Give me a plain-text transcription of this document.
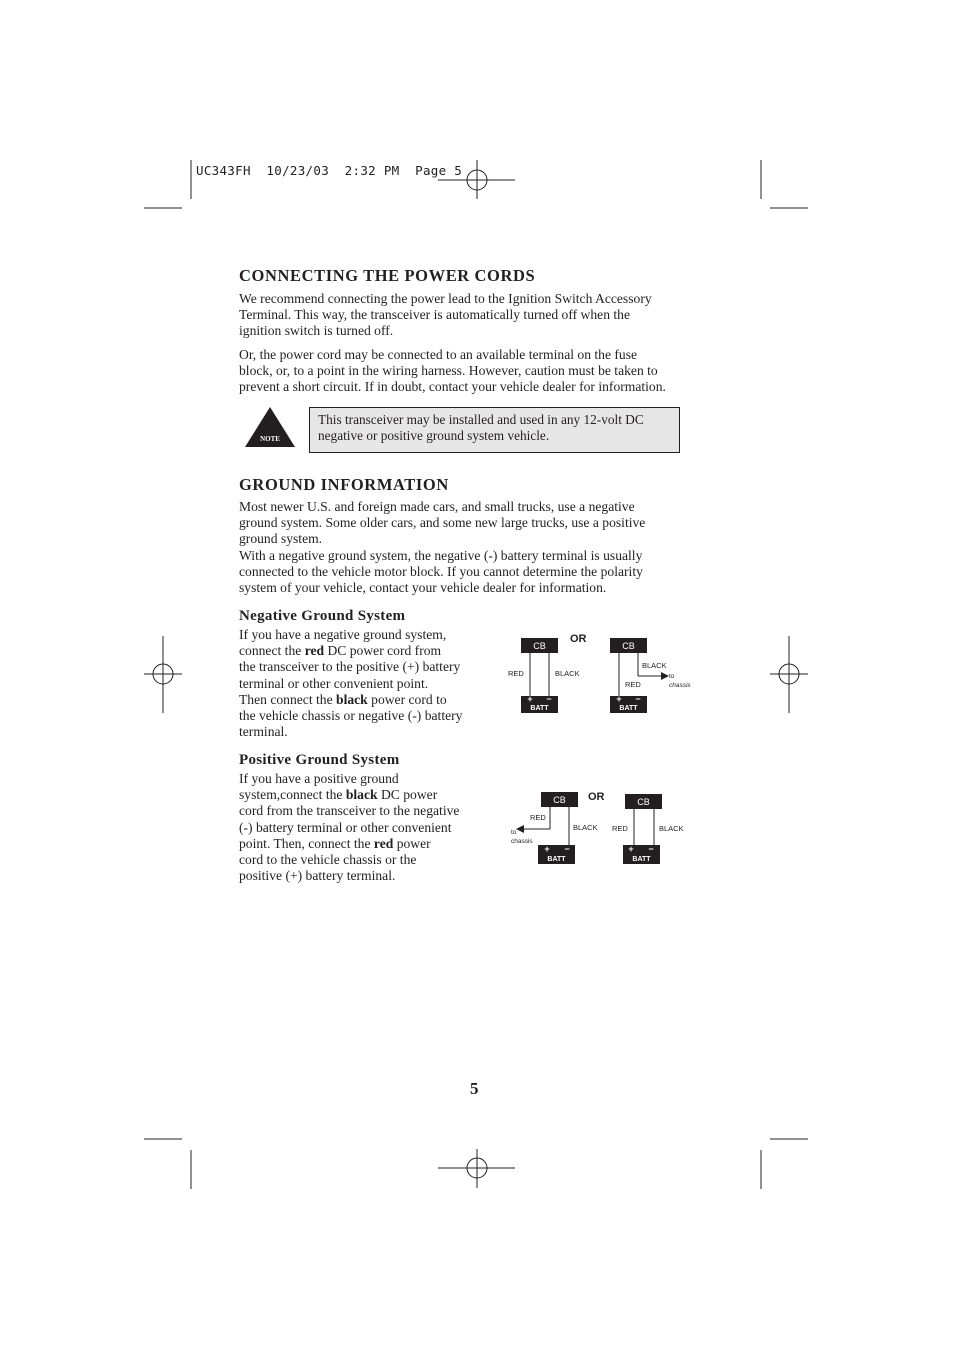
UC343FH  10/23/03  2:32 PM  Page 5
CONNECTING THE POWER CORDS

We recommend connecting the power lead to the Ignition Switch Accessory

Terminal. This way, the transceiver is automatically turned off when the

ignition switch is turned off.

Or, the power cord may be connected to an available terminal on the fuse

block, or, to a point in the wiring harness. However, caution must be taken to

prevent a short circuit. If in doubt, contact your vehicle dealer for information.

NOTE

This transceiver may be installed and used in any 12-volt DC

negative or positive ground system vehicle.

GROUND INFORMATION

Most newer U.S. and foreign made cars, and small trucks, use a negative

ground system. Some older cars, and some new large trucks, use a positive

ground system.

With a negative ground system, the negative (-) battery terminal is usually

connected to the vehicle motor block. If you cannot determine the polarity

system of your vehicle, contact your vehicle dealer for information.

Negative Ground System

If you have a negative ground system,

connect the red DC power cord from

the transceiver to the positive (+) battery

terminal or other convenient point.

Then connect the black power cord to

the vehicle chassis or negative (-) battery

terminal.

CB
RED	BLACK
+ −
BATT
OR
CB
BLACK
to
chassis
RED
+ −
BATT
Positive Ground System

If you have a positive ground

system,connect the black DC power

cord from the transceiver to the negative

(-) battery terminal or other convenient

point. Then, connect the red power

cord to the vehicle chassis or the

positive (+) battery terminal.

CB
RED
BLACK
to
chassis
+ −
BATT
OR	CB
RED	BLACK
+ −
BATT
5
